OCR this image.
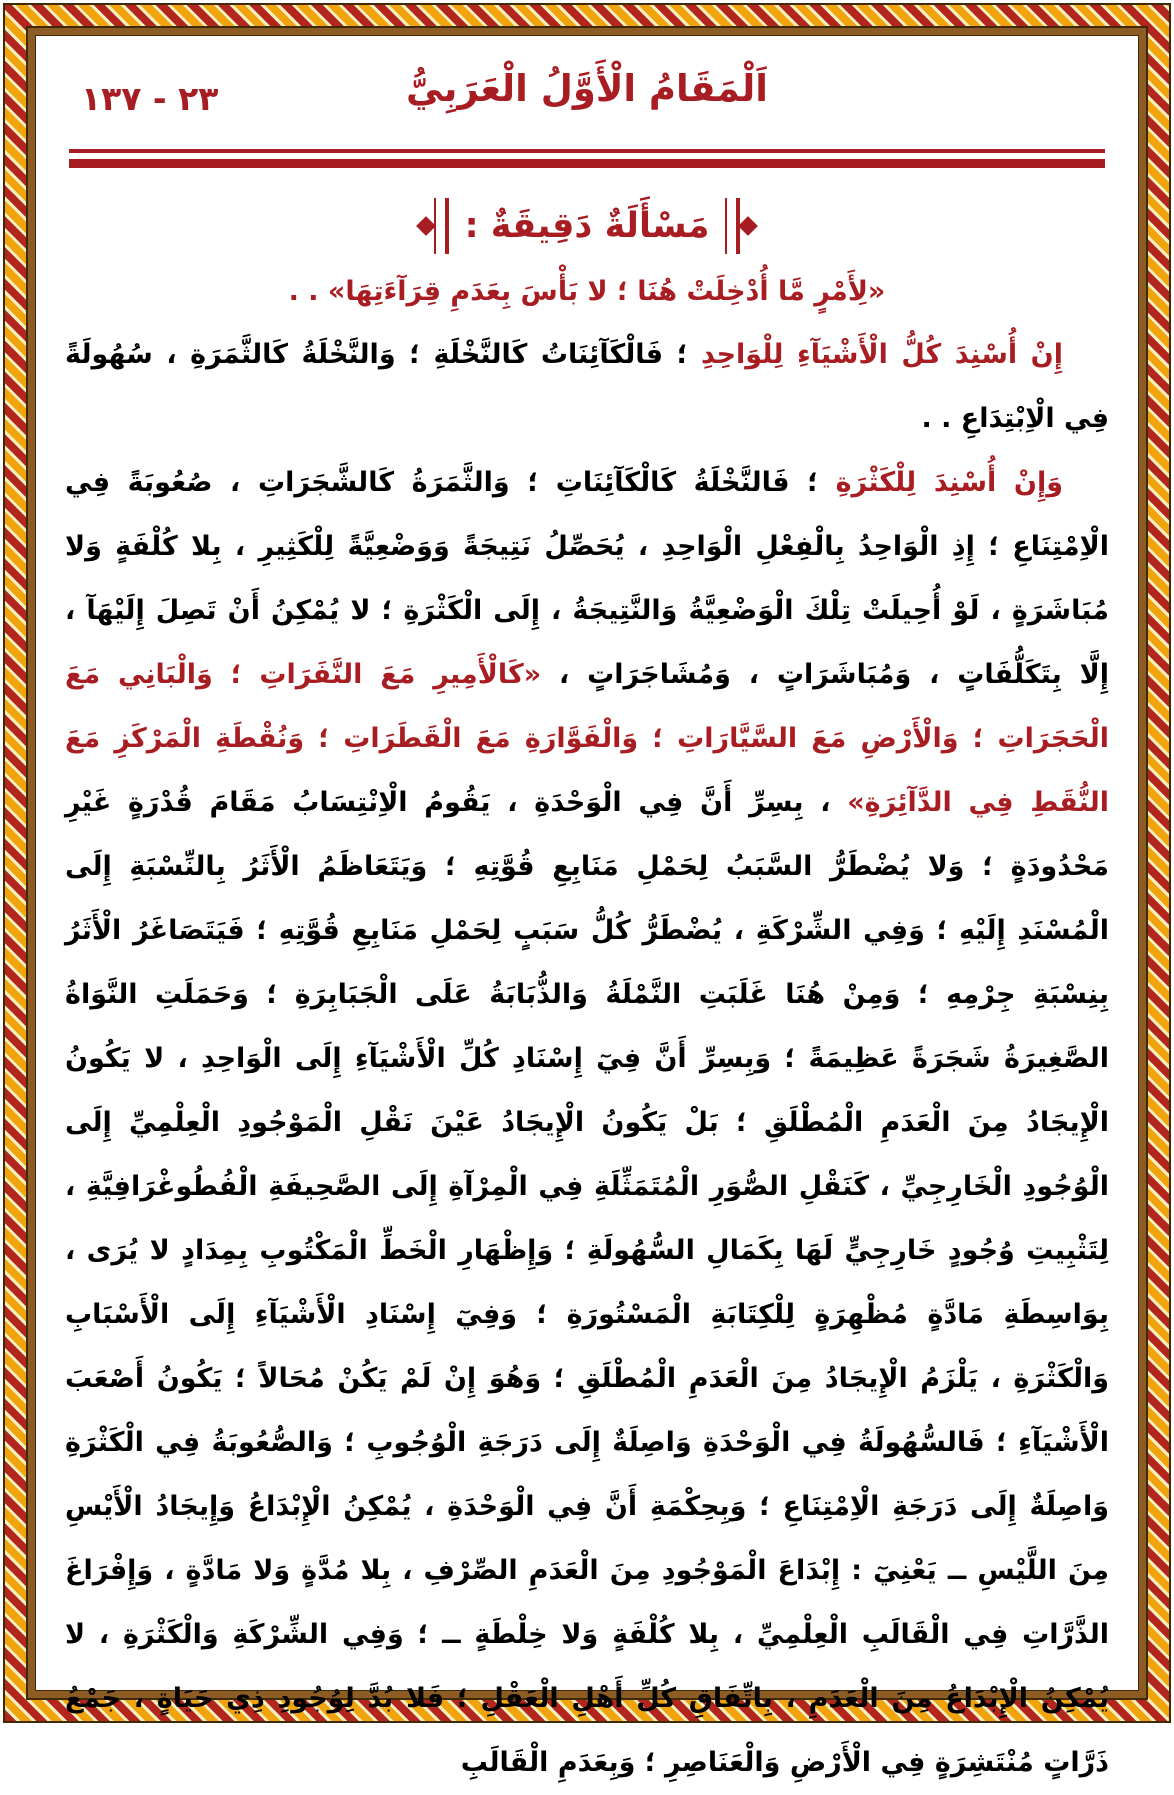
٢٣ - ١٣٧	اَلْمَقَامُ الْأَوَّلُ الْعَرَبِيُّ
مَسْأَلَةٌ دَقِيقَةٌ :
«لِأَمْرٍ مَّا أُدْخِلَتْ هُنَا ؛ لا بَأْسَ بِعَدَمِ قِرَآءَتِهَا» . .

إِنْ أُسْنِدَ كُلُّ الْأَشْيَآءِ لِلْوَاحِدِ ؛ فَالْكَآئِنَاتُ كَالنَّخْلَةِ ؛ وَالنَّخْلَةُ كَالثَّمَرَةِ ، سُهُولَةً فِي الْاِبْتِدَاعِ . .

وَإِنْ أُسْنِدَ لِلْكَثْرَةِ ؛ فَالنَّخْلَةُ كَالْكَآئِنَاتِ ؛ وَالثَّمَرَةُ كَالشَّجَرَاتِ ، صُعُوبَةً فِي الْاِمْتِنَاعِ ؛ إِذِ الْوَاحِدُ بِالْفِعْلِ الْوَاحِدِ ، يُحَصِّلُ نَتِيجَةً وَوَضْعِيَّةً لِلْكَثِيرِ ، بِلا كُلْفَةٍ وَلا مُبَاشَرَةٍ ، لَوْ أُحِيلَتْ تِلْكَ الْوَضْعِيَّةُ وَالنَّتِيجَةُ ، إِلَى الْكَثْرَةِ ؛ لا يُمْكِنُ أَنْ تَصِلَ إِلَيْهَآ ، إِلَّا بِتَكَلُّفَاتٍ ، وَمُبَاشَرَاتٍ ، وَمُشَاجَرَاتٍ ، «كَالْأَمِيرِ مَعَ النَّفَرَاتِ ؛ وَالْبَانِي مَعَ الْحَجَرَاتِ ؛ وَالْأَرْضِ مَعَ السَّيَّارَاتِ ؛ وَالْفَوَّارَةِ مَعَ الْقَطَرَاتِ ؛ وَنُقْطَةِ الْمَرْكَزِ مَعَ النُّقَطِ فِي الدَّآئِرَةِ» ، بِسِرِّ أَنَّ فِي الْوَحْدَةِ ، يَقُومُ الْاِنْتِسَابُ مَقَامَ قُدْرَةٍ غَيْرِ مَحْدُودَةٍ ؛ وَلا يُضْطَرُّ السَّبَبُ لِحَمْلِ مَنَابِعِ قُوَّتِهِ ؛ وَيَتَعَاظَمُ الْأَثَرُ بِالنِّسْبَةِ إِلَى الْمُسْنَدِ إِلَيْهِ ؛ وَفِي الشِّرْكَةِ ، يُضْطَرُّ كُلُّ سَبَبٍ لِحَمْلِ مَنَابِعِ قُوَّتِهِ ؛ فَيَتَصَاغَرُ الْأَثَرُ بِنِسْبَةِ جِرْمِهِ ؛ وَمِنْ هُنَا غَلَبَتِ النَّمْلَةُ وَالذُّبَابَةُ عَلَى الْجَبَابِرَةِ ؛ وَحَمَلَتِ النَّوَاةُ الصَّغِيرَةُ شَجَرَةً عَظِيمَةً ؛ وَبِسِرِّ أَنَّ فِيٓ إِسْنَادِ كُلِّ الْأَشْيَآءِ إِلَى الْوَاحِدِ ، لا يَكُونُ الْإِيجَادُ مِنَ الْعَدَمِ الْمُطْلَقِ ؛ بَلْ يَكُونُ الْإِيجَادُ عَيْنَ نَقْلِ الْمَوْجُودِ الْعِلْمِيِّ إِلَى الْوُجُودِ الْخَارِجِيِّ ، كَنَقْلِ الصُّوَرِ الْمُتَمَثِّلَةِ فِي الْمِرْآةِ إِلَى الصَّحِيفَةِ الْفُطُوغْرَافِيَّةِ ، لِتَثْبِيتِ وُجُودٍ خَارِجِيٍّ لَهَا بِكَمَالِ السُّهُولَةِ ؛ وَإِظْهَارِ الْخَطِّ الْمَكْتُوبِ بِمِدَادٍ لا يُرَى ، بِوَاسِطَةِ مَادَّةٍ مُظْهِرَةٍ لِلْكِتَابَةِ الْمَسْتُورَةِ ؛ وَفِيٓ إِسْنَادِ الْأَشْيَآءِ إِلَى الْأَسْبَابِ وَالْكَثْرَةِ ، يَلْزَمُ الْإِيجَادُ مِنَ الْعَدَمِ الْمُطْلَقِ ؛ وَهُوَ إِنْ لَمْ يَكُنْ مُحَالاً ؛ يَكُونُ أَصْعَبَ الْأَشْيَآءِ ؛ فَالسُّهُولَةُ فِي الْوَحْدَةِ وَاصِلَةٌ إِلَى دَرَجَةِ الْوُجُوبِ ؛ وَالصُّعُوبَةُ فِي الْكَثْرَةِ وَاصِلَةٌ إِلَى دَرَجَةِ الْاِمْتِنَاعِ ؛ وَبِحِكْمَةِ أَنَّ فِي الْوَحْدَةِ ، يُمْكِنُ الْإِبْدَاعُ وَإِيجَادُ الْأَيْسِ مِنَ اللَّيْسِ ــ يَعْنِيٓ : إِبْدَاعَ الْمَوْجُودِ مِنَ الْعَدَمِ الصِّرْفِ ، بِلا مُدَّةٍ وَلا مَادَّةٍ ، وَإِفْرَاغَ الذَّرَّاتِ فِي الْقَالَبِ الْعِلْمِيِّ ، بِلا كُلْفَةٍ وَلا خِلْطَةٍ ــ ؛ وَفِي الشِّرْكَةِ وَالْكَثْرَةِ ، لا يُمْكِنُ الْإِبْدَاعُ مِنَ الْعَدَمِ ، بِاتِّفَاقِ كُلِّ أَهْلِ الْعَقْلِ ؛ فَلا بُدَّ لِوُجُودِ ذِي حَيَاةٍ ، جَمْعُ ذَرَّاتٍ مُنْتَشِرَةٍ فِي الْأَرْضِ وَالْعَنَاصِرِ ؛ وَبِعَدَمِ الْقَالَبِ
